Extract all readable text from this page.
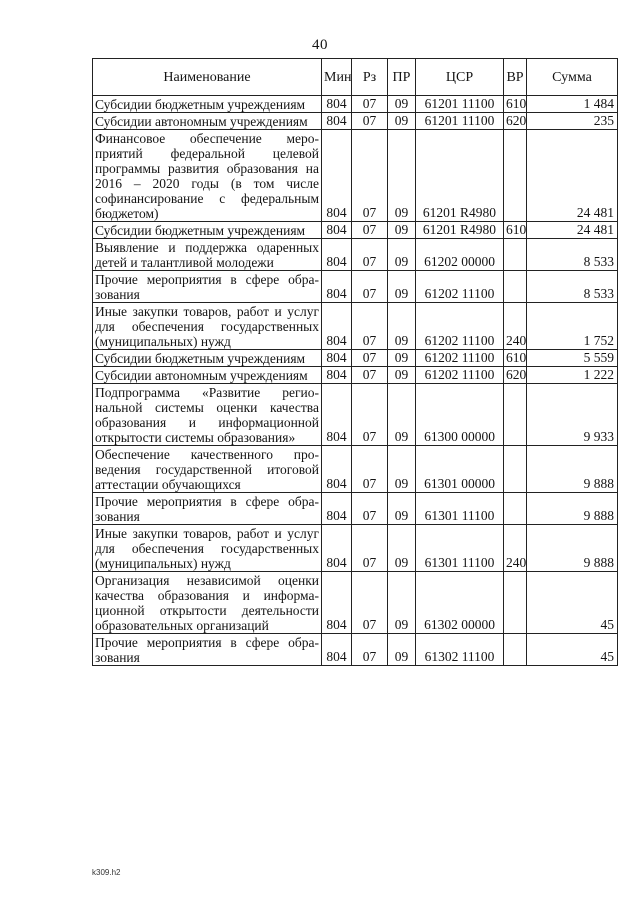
40
Наименование	Мин	Рз	ПР	ЦСР	ВР	Сумма
Субсидии бюджетным учреждениям	804	07	09	61201 11100	610	1 484
Субсидии автономным учреждениям	804	07	09	61201 11100	620	235
Финансовое обеспечение мероприятий федеральной целевой программы развития образования на 2016 – 2020 годы (в том числе софинансирование с федеральным бюджетом)	804	07	09	61201 R4980		24 481
Субсидии бюджетным учреждениям	804	07	09	61201 R4980	610	24 481
Выявление и поддержка одаренных детей и талантливой молодежи	804	07	09	61202 00000		8 533
Прочие мероприятия в сфере образования	804	07	09	61202 11100		8 533
Иные закупки товаров, работ и услуг для обеспечения государственных (муниципальных) нужд	804	07	09	61202 11100	240	1 752
Субсидии бюджетным учреждениям	804	07	09	61202 11100	610	5 559
Субсидии автономным учреждениям	804	07	09	61202 11100	620	1 222
Подпрограмма «Развитие региональной системы оценки качества образования и информационной открытости системы образования»	804	07	09	61300 00000		9 933
Обеспечение качественного проведения государственной итоговой аттестации обучающихся	804	07	09	61301 00000		9 888
Прочие мероприятия в сфере образования	804	07	09	61301 11100		9 888
Иные закупки товаров, работ и услуг для обеспечения государственных (муниципальных) нужд	804	07	09	61301 11100	240	9 888
Организация независимой оценки качества образования и информационной открытости деятельности образовательных организаций	804	07	09	61302 00000		45
Прочие мероприятия в сфере образования	804	07	09	61302 11100		45
k309.h2
